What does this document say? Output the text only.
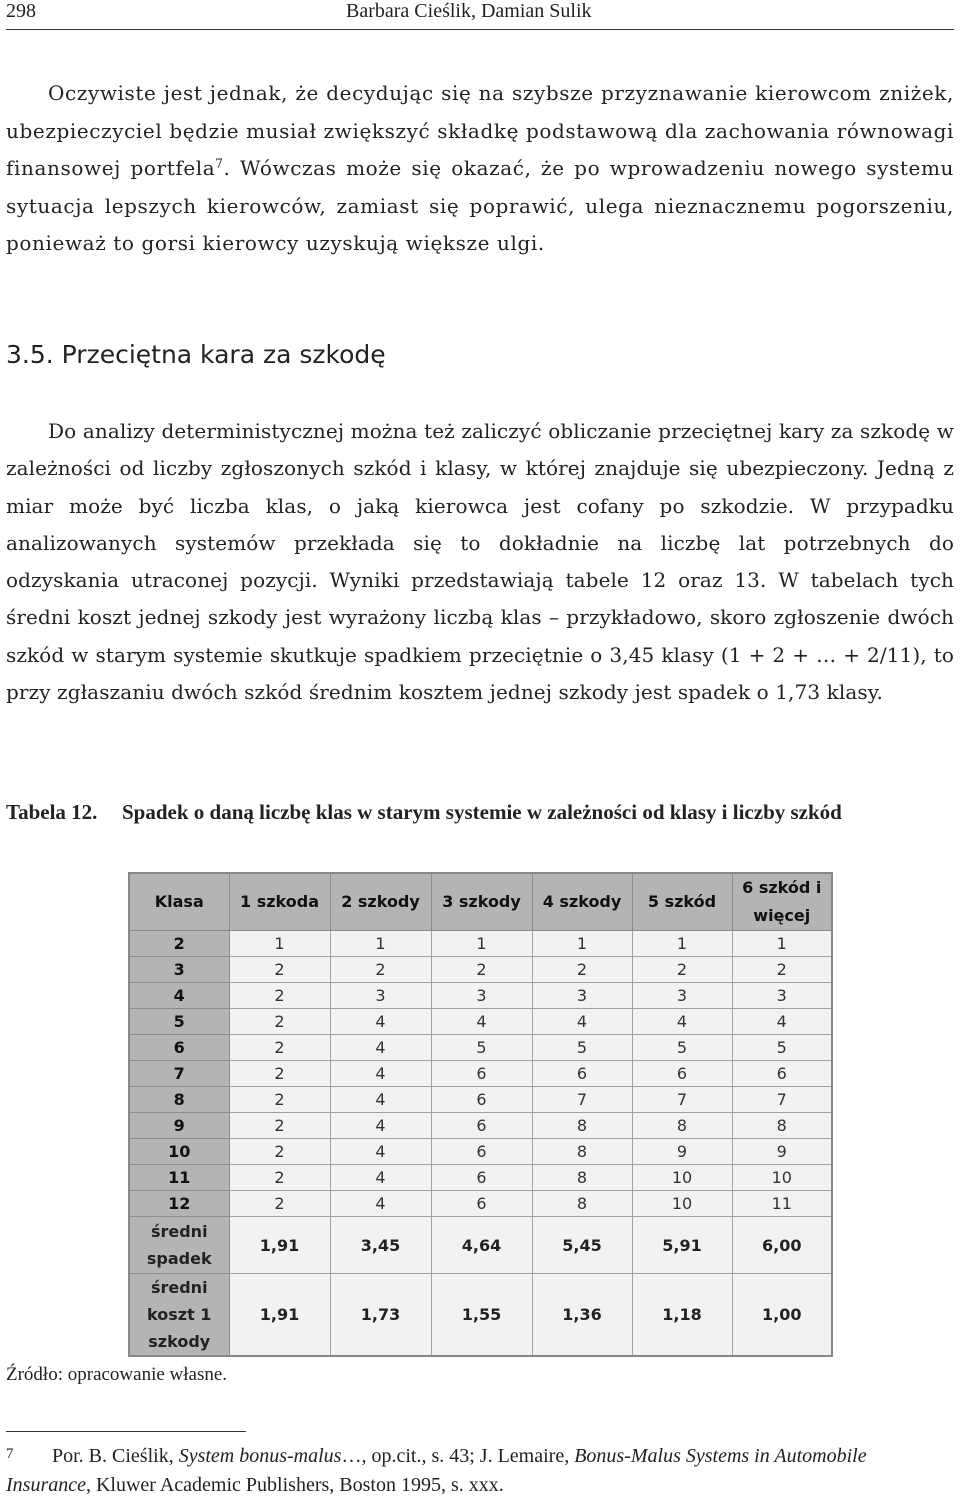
298	Barbara Cieślik, Damian Sulik

Oczywiste jest jednak, że decydując się na szybsze przyznawanie kierowcom zniżek, ubezpieczyciel będzie musiał zwiększyć składkę podstawową dla zachowania równowagi finansowej portfela$^7$. Wówczas może się okazać, że po wprowadzeniu nowego systemu sytuacja lepszych kierowców, zamiast się poprawić, ulega nieznacznemu pogorszeniu, ponieważ to gorsi kierowcy uzyskują większe ulgi.

3.5. Przeciętna kara za szkodę

Do analizy deterministycznej można też zaliczyć obliczanie przeciętnej kary za szkodę w zależności od liczby zgłoszonych szkód i klasy, w której znajduje się ubezpieczony. Jedną z miar może być liczba klas, o jaką kierowca jest cofany po szkodzie. W przypadku analizowanych systemów przekłada się to dokładnie na liczbę lat potrzebnych do odzyskania utraconej pozycji. Wyniki przedstawiają tabele 12 oraz 13. W tabelach tych średni koszt jednej szkody jest wyrażony liczbą klas – przykładowo, skoro zgłoszenie dwóch szkód w starym systemie skutkuje spadkiem przeciętnie o 3,45 klasy (1 + 2 + … + 2/11), to przy zgłaszaniu dwóch szkód średnim kosztem jednej szkody jest spadek o 1,73 klasy.

Tabela 12. Spadek o daną liczbę klas w starym systemie w zależności od klasy i liczby szkód
Klasa	1 szkoda	2 szkody	3 szkody	4 szkody	5 szkód	6 szkód i więcej
2	1	1	1	1	1	1
3	2	2	2	2	2	2
4	2	3	3	3	3	3
5	2	4	4	4	4	4
6	2	4	5	5	5	5
7	2	4	6	6	6	6
8	2	4	6	7	7	7
9	2	4	6	8	8	8
10	2	4	6	8	9	9
11	2	4	6	8	10	10
12	2	4	6	8	10	11
średni spadek	1,91	3,45	4,64	5,45	5,91	6,00
średni koszt 1 szkody	1,91	1,73	1,55	1,36	1,18	1,00
Źródło: opracowanie własne.
7 Por. B. Cieślik, System bonus-malus…, op.cit., s. 43; J. Lemaire, Bonus-Malus Systems in Automobile Insurance, Kluwer Academic Publishers, Boston 1995, s. xxx.
